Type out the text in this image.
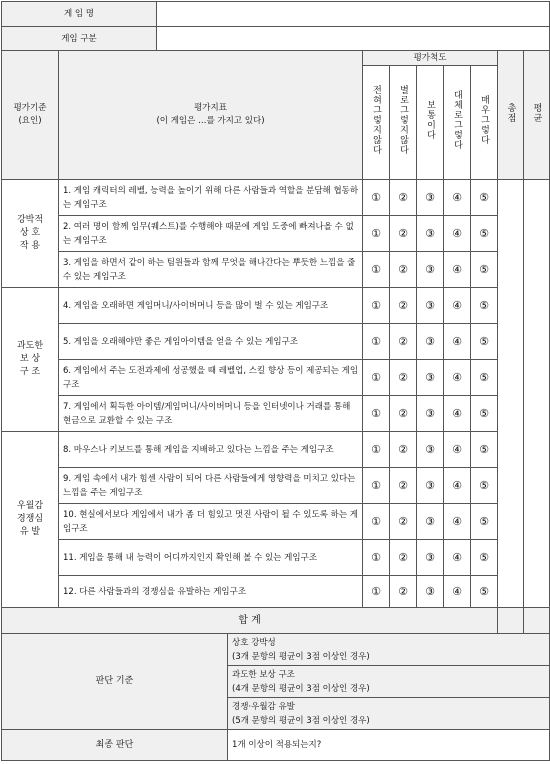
게 임 명	
게임 구분	
평가기준
(요인)	평가지표
(이 게임은 …를 가지고 있다)	평가척도					총점	평균
		전혀그렇지않다	별로그렇지않다	보통이다	대체로그렇다	매우그렇다		
강박적
상 호
작 용	1. 게임 캐릭터의 레벨, 능력을 높이기 위해 다른 사람들과 역할을 분담해 협동하는 게임구조	①	②	③	④	⑤		
	2. 여러 명이 함께 임무(퀘스트)를 수행해야 때문에 게임 도중에 빠져나올 수 없는 게임구조	①	②	③	④	⑤		
	3. 게임을 하면서 같이 하는 팀원들과 함께 무엇을 해나간다는 뿌듯한 느낌을 줄 수 있는 게임구조	①	②	③	④	⑤		
과도한
보 상
구 조	4. 게임을 오래하면 게임머니/사이버머니 등을 많이 벌 수 있는 게임구조	①	②	③	④	⑤		
	5. 게임을 오래해야만 좋은 게임아이템을 얻을 수 있는 게임구조	①	②	③	④	⑤		
	6. 게임에서 주는 도전과제에 성공했을 때 레벨업, 스킬 향상 등이 제공되는 게임구조	①	②	③	④	⑤		
	7. 게임에서 획득한 아이템/게임머니/사이버머니 등을 인터넷이나 거래를 통해 현금으로 교환할 수 있는 구조	①	②	③	④	⑤		
우월감
경쟁심
유 발	8. 마우스나 키보드를 통해 게임을 지배하고 있다는 느낌을 주는 게임구조	①	②	③	④	⑤		
	9. 게임 속에서 내가 힘센 사람이 되어 다른 사람들에게 영향력을 미치고 있다는 느낌을 주는 게임구조	①	②	③	④	⑤		
	10. 현실에서보다 게임에서 내가 좀 더 힘있고 멋진 사람이 될 수 있도록 하는 게임구조	①	②	③	④	⑤		
	11. 게임을 통해 내 능력이 어디까지인지 확인해 볼 수 있는 게임구조	①	②	③	④	⑤		
	12. 다른 사람들과의 경쟁심을 유발하는 게임구조	①	②	③	④	⑤		
합 계								
판단 기준	상호 강박성
(3개 문항의 평균이 3점 이상인 경우)

	과도한 보상 구조
(4개 문항의 평균이 3점 이상인 경우)

	경쟁·우월감 유발
(5개 문항의 평균이 3점 이상인 경우)

최종 판단	1개 이상이 적용되는지?
